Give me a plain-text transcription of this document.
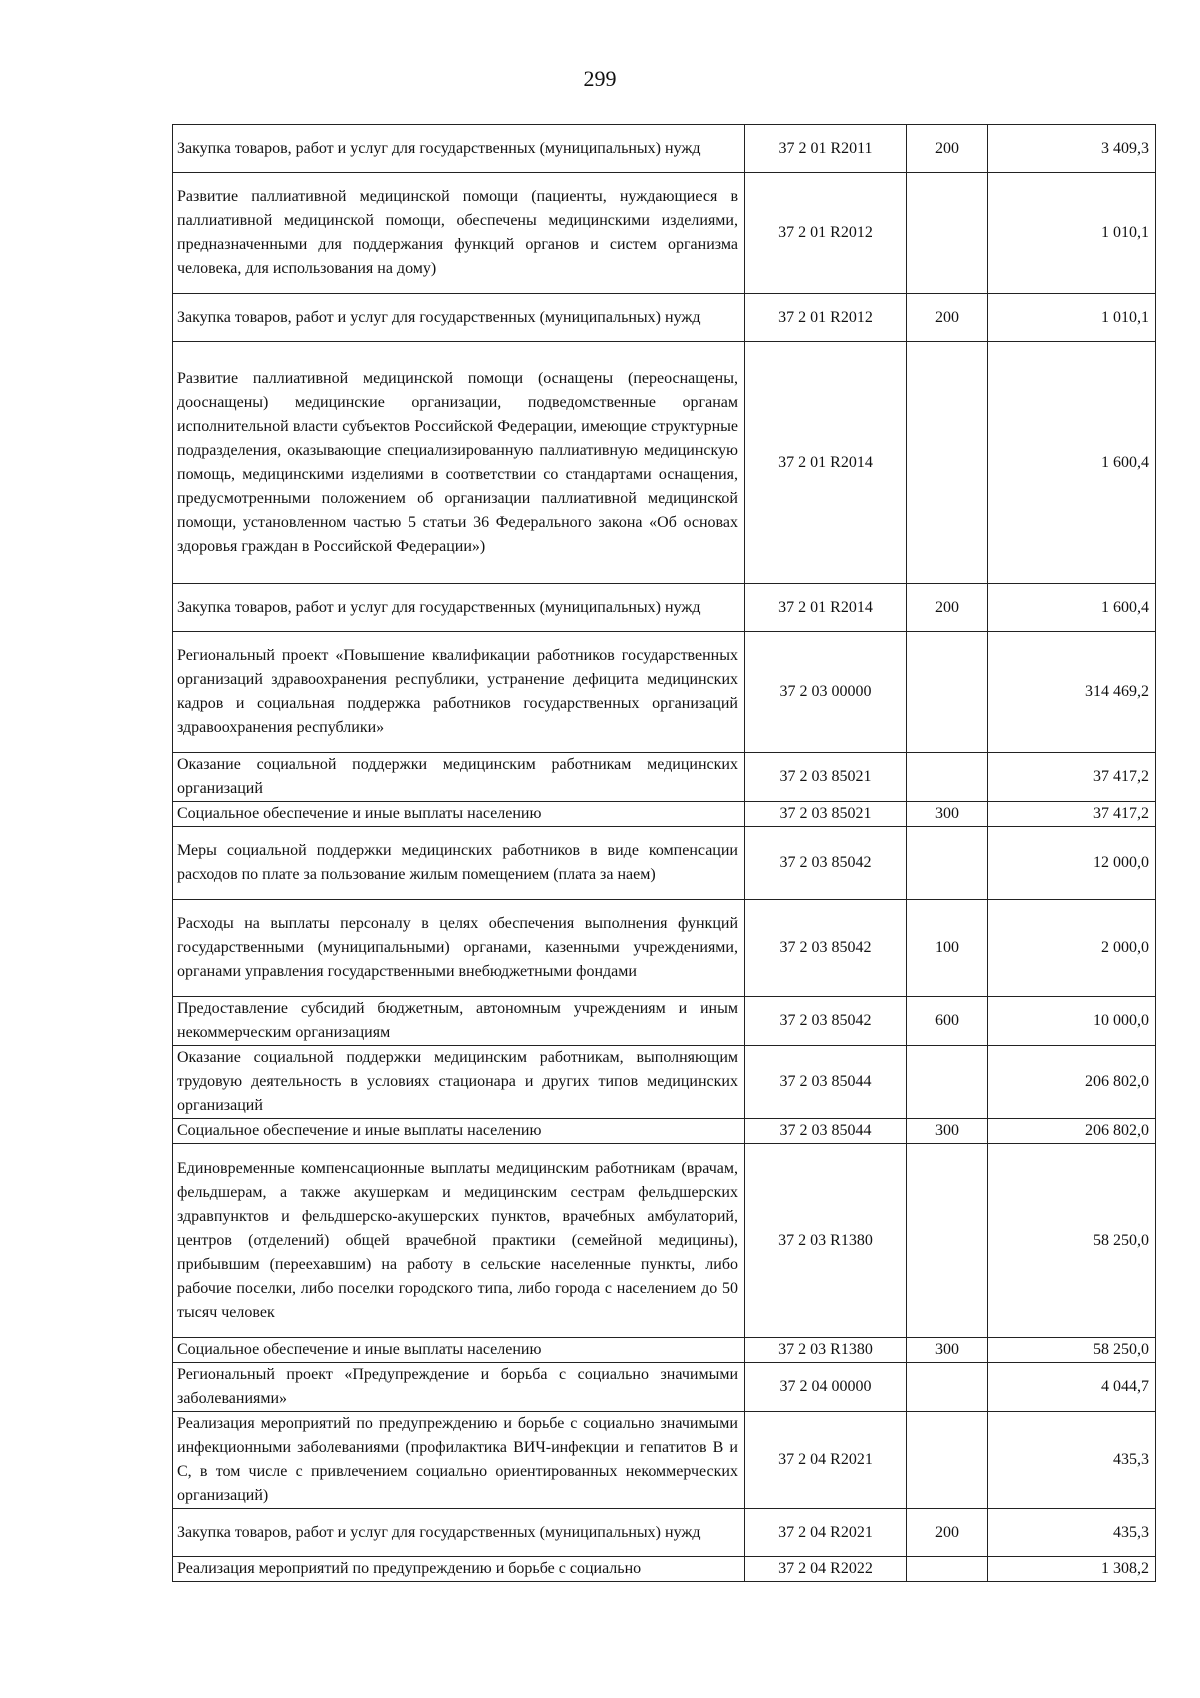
299
Закупка товаров, работ и услуг для государственных (муниципальных) нужд	37 2 01 R2011	200	3 409,3
Развитие паллиативной медицинской помощи (пациенты, нуждающиеся в паллиативной медицинской помощи, обеспечены медицинскими изделиями, предназначенными для поддержания функций органов и систем организма человека, для использования на дому)	37 2 01 R2012		1 010,1
Закупка товаров, работ и услуг для государственных (муниципальных) нужд	37 2 01 R2012	200	1 010,1
Развитие паллиативной медицинской помощи (оснащены (переоснащены, дооснащены) медицинские организации, подведомственные органам исполнительной власти субъектов Российской Федерации, имеющие структурные подразделения, оказывающие специализированную паллиативную медицинскую помощь, медицинскими изделиями в соответствии со стандартами оснащения, предусмотренными положением об организации паллиативной медицинской помощи, установленном частью 5 статьи 36 Федерального закона «Об основах здоровья граждан в Российской Федерации»)	37 2 01 R2014		1 600,4
Закупка товаров, работ и услуг для государственных (муниципальных) нужд	37 2 01 R2014	200	1 600,4
Региональный проект «Повышение квалификации работников государственных организаций здравоохранения республики, устранение дефицита медицинских кадров и социальная поддержка работников государственных организаций здравоохранения республики»	37 2 03 00000		314 469,2
Оказание социальной поддержки медицинским работникам медицинских организаций	37 2 03 85021		37 417,2
Социальное обеспечение и иные выплаты населению	37 2 03 85021	300	37 417,2
Меры социальной поддержки медицинских работников в виде компенсации расходов по плате за пользование жилым помещением (плата за наем)	37 2 03 85042		12 000,0
Расходы на выплаты персоналу в целях обеспечения выполнения функций государственными (муниципальными) органами, казенными учреждениями, органами управления государственными внебюджетными фондами	37 2 03 85042	100	2 000,0
Предоставление субсидий бюджетным, автономным учреждениям и иным некоммерческим организациям	37 2 03 85042	600	10 000,0
Оказание социальной поддержки медицинским работникам, выполняющим трудовую деятельность в условиях стационара и других типов медицинских организаций	37 2 03 85044		206 802,0
Социальное обеспечение и иные выплаты населению	37 2 03 85044	300	206 802,0
Единовременные компенсационные выплаты медицинским работникам (врачам, фельдшерам, а также акушеркам и медицинским сестрам фельдшерских здравпунктов и фельдшерско-акушерских пунктов, врачебных амбулаторий, центров (отделений) общей врачебной практики (семейной медицины), прибывшим (переехавшим) на работу в сельские населенные пункты, либо рабочие поселки, либо поселки городского типа, либо города с населением до 50 тысяч человек	37 2 03 R1380		58 250,0
Социальное обеспечение и иные выплаты населению	37 2 03 R1380	300	58 250,0
Региональный проект «Предупреждение и борьба с социально значимыми заболеваниями»	37 2 04 00000		4 044,7
Реализация мероприятий по предупреждению и борьбе с социально значимыми инфекционными заболеваниями (профилактика ВИЧ-инфекции и гепатитов В и С, в том числе с привлечением социально ориентированных некоммерческих организаций)	37 2 04 R2021		435,3
Закупка товаров, работ и услуг для государственных (муниципальных) нужд	37 2 04 R2021	200	435,3
Реализация мероприятий по предупреждению и борьбе с социально	37 2 04 R2022		1 308,2
